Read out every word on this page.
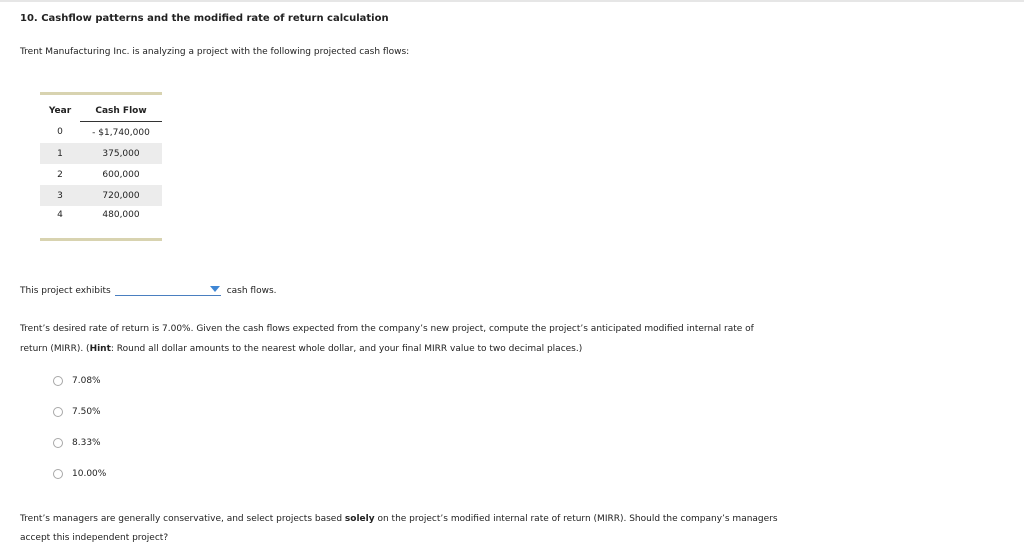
10. Cashflow patterns and the modified rate of return calculation
Trent Manufacturing Inc. is analyzing a project with the following projected cash flows:
Year	Cash Flow
0	- $1,740,000
1	375,000
2	600,000
3	720,000
4	480,000
This project exhibits	cash flows.
Trent’s desired rate of return is 7.00%. Given the cash flows expected from the company’s new project, compute the project’s anticipated modified internal rate of return (MIRR). (Hint: Round all dollar amounts to the nearest whole dollar, and your final MIRR value to two decimal places.)
7.08%
7.50%
8.33%
10.00%
Trent’s managers are generally conservative, and select projects based solely on the project’s modified internal rate of return (MIRR). Should the company’s managers accept this independent project?
